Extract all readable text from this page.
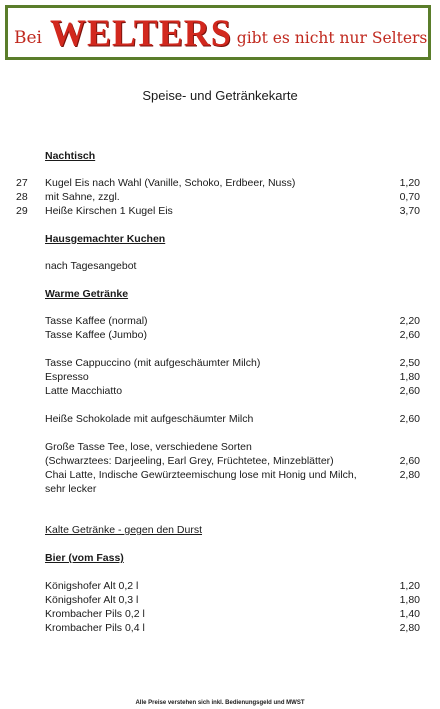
Bei WELTERS gibt es nicht nur Selters
Speise- und Getränkekarte
Nachtisch
27 Kugel Eis nach Wahl (Vanille, Schoko, Erdbeer, Nuss)	1,20
28 mit Sahne, zzgl.	0,70
29 Heiße Kirschen 1 Kugel Eis	3,70
Hausgemachter Kuchen
nach Tagesangebot
Warme Getränke
Tasse Kaffee (normal)	2,20
Tasse Kaffee (Jumbo)	2,60
Tasse Cappuccino (mit aufgeschäumter Milch)	2,50
Espresso	1,80
Latte Macchiatto	2,60
Heiße Schokolade mit aufgeschäumter Milch	2,60
Große Tasse Tee, lose, verschiedene Sorten
(Schwarztees: Darjeeling, Earl Grey, Früchtetee, Minzeblätter)	2,60
Chai Latte, Indische Gewürzteemischung lose mit Honig und Milch,	2,80
sehr lecker
Kalte Getränke - gegen den Durst
Bier (vom Fass)
Königshofer Alt 0,2 l	1,20
Königshofer Alt 0,3 l	1,80
Krombacher Pils 0,2 l	1,40
Krombacher Pils 0,4 l	2,80
Alle Preise verstehen sich inkl. Bedienungsgeld und MWST
